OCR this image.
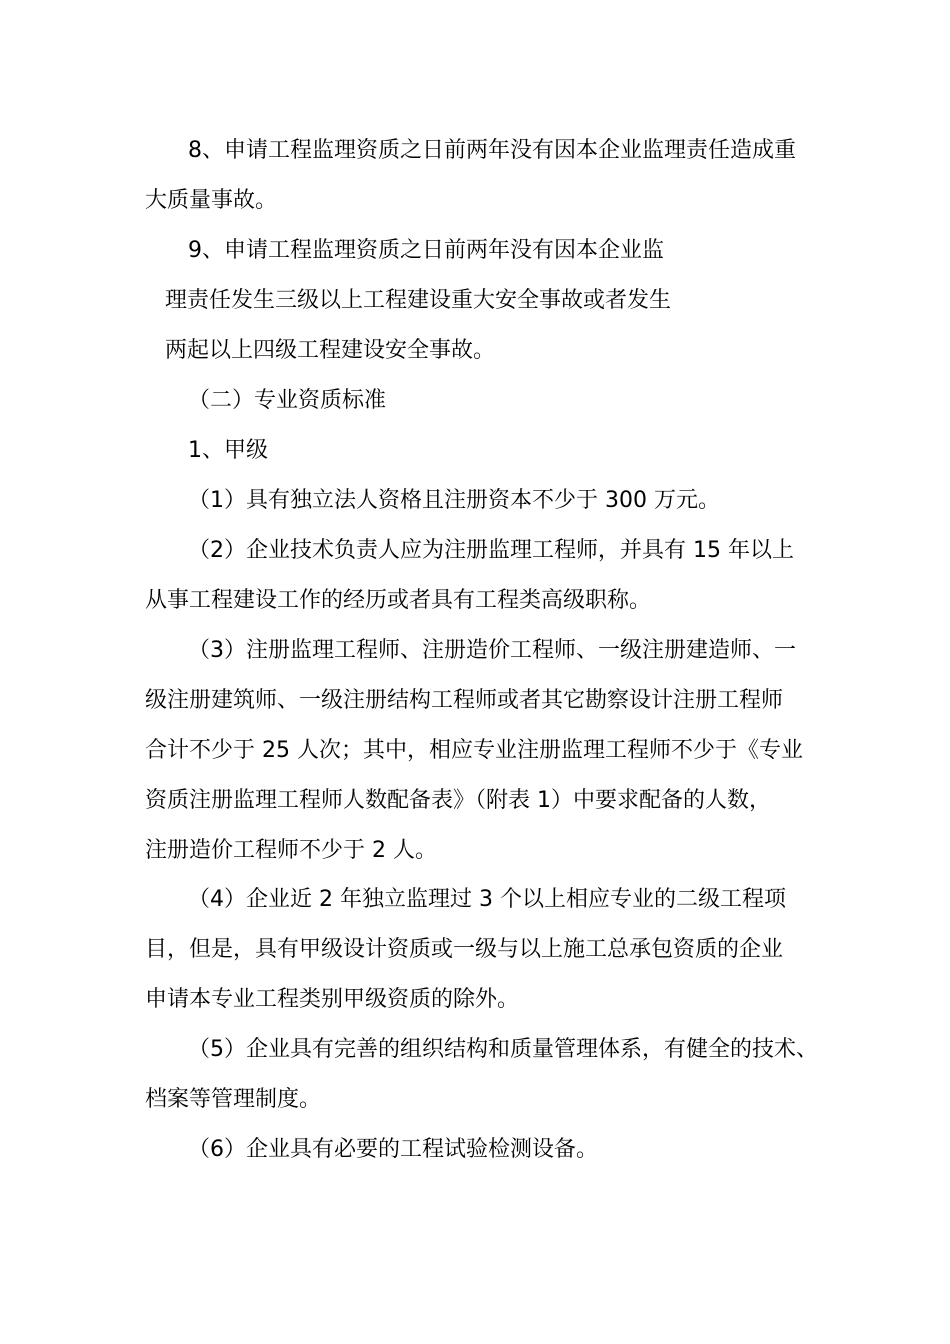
8、申请工程监理资质之日前两年没有因本企业监理责任造成重
大质量事故。
9、申请工程监理资质之日前两年没有因本企业监
理责任发生三级以上工程建设重大安全事故或者发生
两起以上四级工程建设安全事故。
（二）专业资质标准
1、甲级
（1）具有独立法人资格且注册资本不少于 300 万元。
（2）企业技术负责人应为注册监理工程师，并具有 15 年以上
从事工程建设工作的经历或者具有工程类高级职称。
（3）注册监理工程师、注册造价工程师、一级注册建造师、一
级注册建筑师、一级注册结构工程师或者其它勘察设计注册工程师
合计不少于 25 人次；其中，相应专业注册监理工程师不少于《专业
资质注册监理工程师人数配备表》（附表 1）中要求配备的人数，
注册造价工程师不少于 2 人。
（4）企业近 2 年独立监理过 3 个以上相应专业的二级工程项
目，但是，具有甲级设计资质或一级与以上施工总承包资质的企业
申请本专业工程类别甲级资质的除外。
（5）企业具有完善的组织结构和质量管理体系，有健全的技术、
档案等管理制度。
（6）企业具有必要的工程试验检测设备。
